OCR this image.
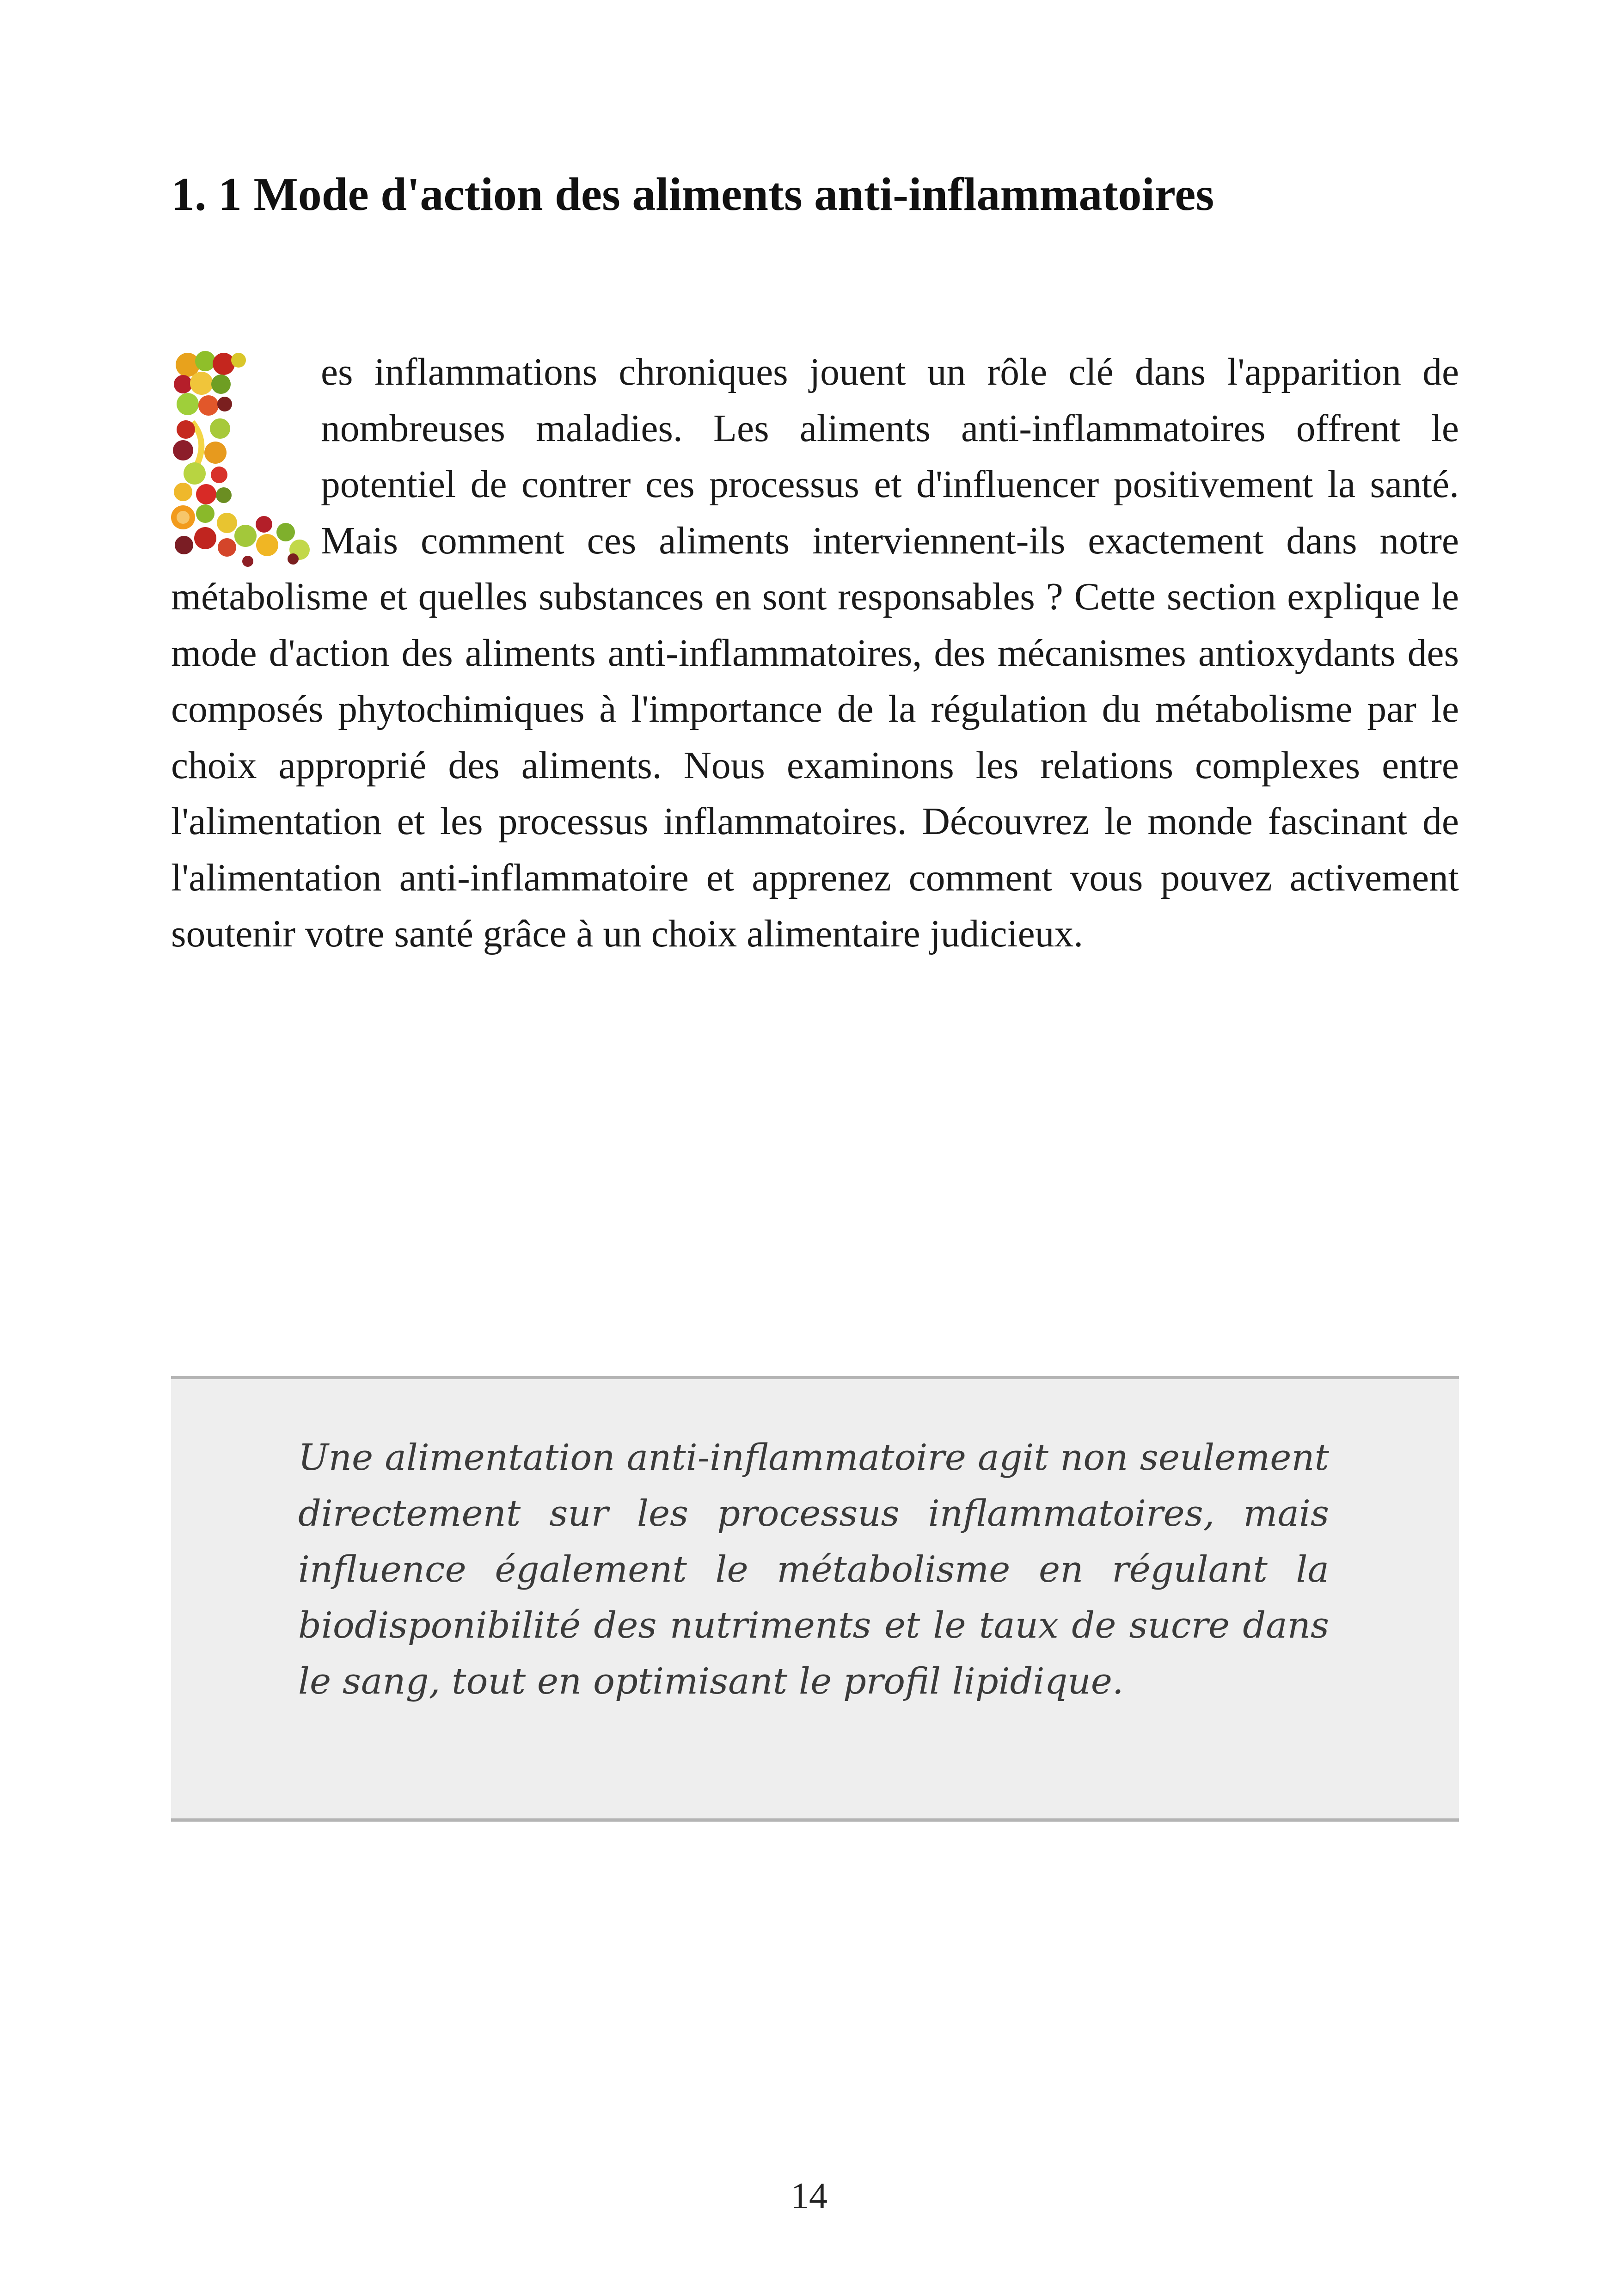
1. 1 Mode d'action des aliments anti-inflammatoires
es inflammations chroniques jouent un rôle clé dans l'apparition de nombreuses maladies. Les aliments anti-inflammatoires offrent le potentiel de contrer ces processus et d'influencer positivement la santé. Mais comment ces aliments interviennent-ils exactement dans notre métabolisme et quelles substances en sont responsables ? Cette section explique le mode d'action des aliments anti-inflammatoires, des mécanismes antioxydants des composés phytochimiques à l'importance de la régulation du métabolisme par le choix approprié des aliments. Nous examinons les relations complexes entre l'alimentation et les processus inflammatoires. Découvrez le monde fascinant de l'alimentation anti-inflammatoire et apprenez comment vous pouvez activement soutenir votre santé grâce à un choix alimentaire judicieux.

Une alimentation anti-inflammatoire agit non seulement directement sur les processus inflammatoires, mais influence également le métabolisme en régulant la biodisponibilité des nutriments et le taux de sucre dans le sang, tout en optimisant le profil lipidique.

14
